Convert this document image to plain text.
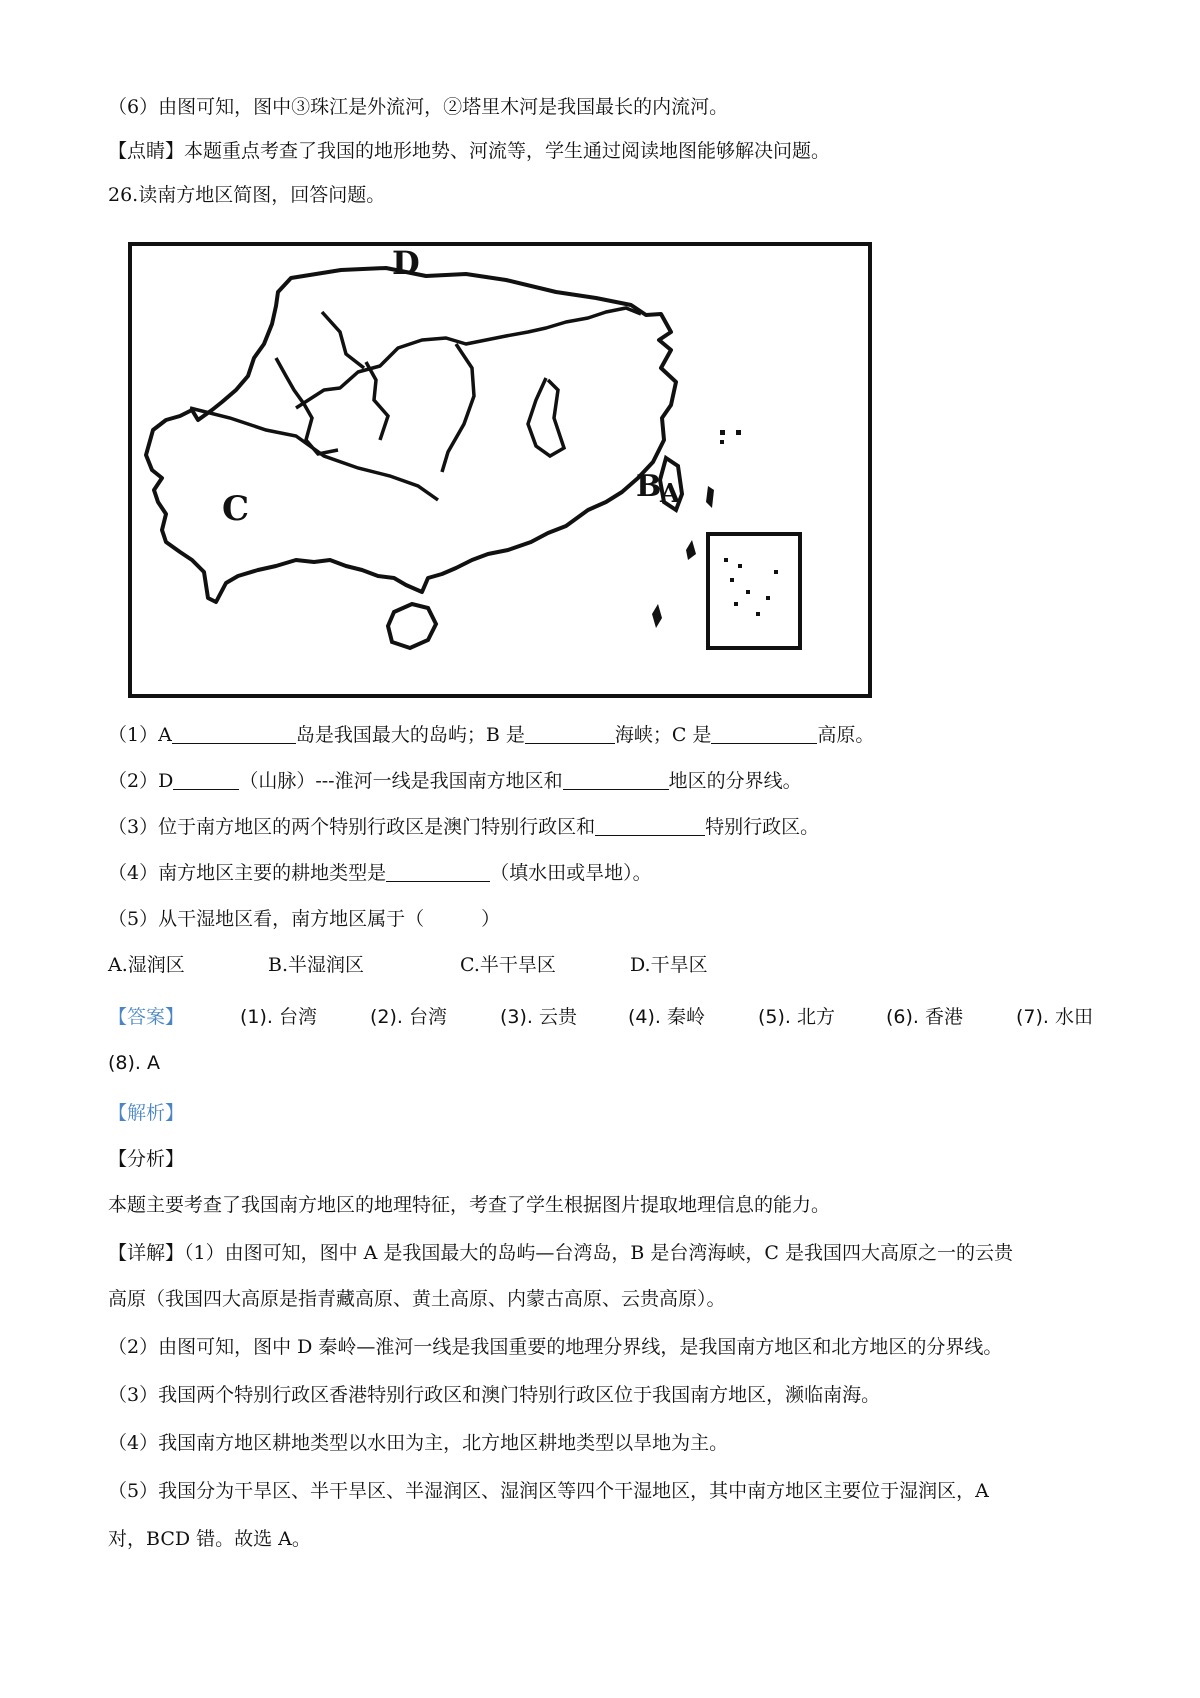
（6）由图可知，图中③珠江是外流河，②塔里木河是我国最长的内流河。
【点睛】本题重点考查了我国的地形地势、河流等，学生通过阅读地图能够解决问题。
26.读南方地区简图，回答问题。
D
C
B
A
（1）A	岛是我国最大的岛屿；B 是	海峡；C 是	高原。
（2）D	（山脉）---淮河一线是我国南方地区和	地区的分界线。
（3）位于南方地区的两个特别行政区是澳门特别行政区和	特别行政区。
（4）南方地区主要的耕地类型是	（填水田或旱地）。
（5）从干湿地区看，南方地区属于（　　　）
A.湿润区	B.半湿润区	C.半干旱区	D.干旱区
【答案】	(1). 台湾	(2). 台湾	(3). 云贵	(4). 秦岭	(5). 北方	(6). 香港	(7). 水田
(8). A
【解析】
【分析】
本题主要考查了我国南方地区的地理特征，考查了学生根据图片提取地理信息的能力。
【详解】（1）由图可知，图中 A 是我国最大的岛屿—台湾岛，B 是台湾海峡，C 是我国四大高原之一的云贵
高原（我国四大高原是指青藏高原、黄土高原、内蒙古高原、云贵高原）。
（2）由图可知，图中 D 秦岭—淮河一线是我国重要的地理分界线，是我国南方地区和北方地区的分界线。
（3）我国两个特别行政区香港特别行政区和澳门特别行政区位于我国南方地区，濒临南海。
（4）我国南方地区耕地类型以水田为主，北方地区耕地类型以旱地为主。
（5）我国分为干旱区、半干旱区、半湿润区、湿润区等四个干湿地区，其中南方地区主要位于湿润区，A
对，BCD 错。故选 A。
